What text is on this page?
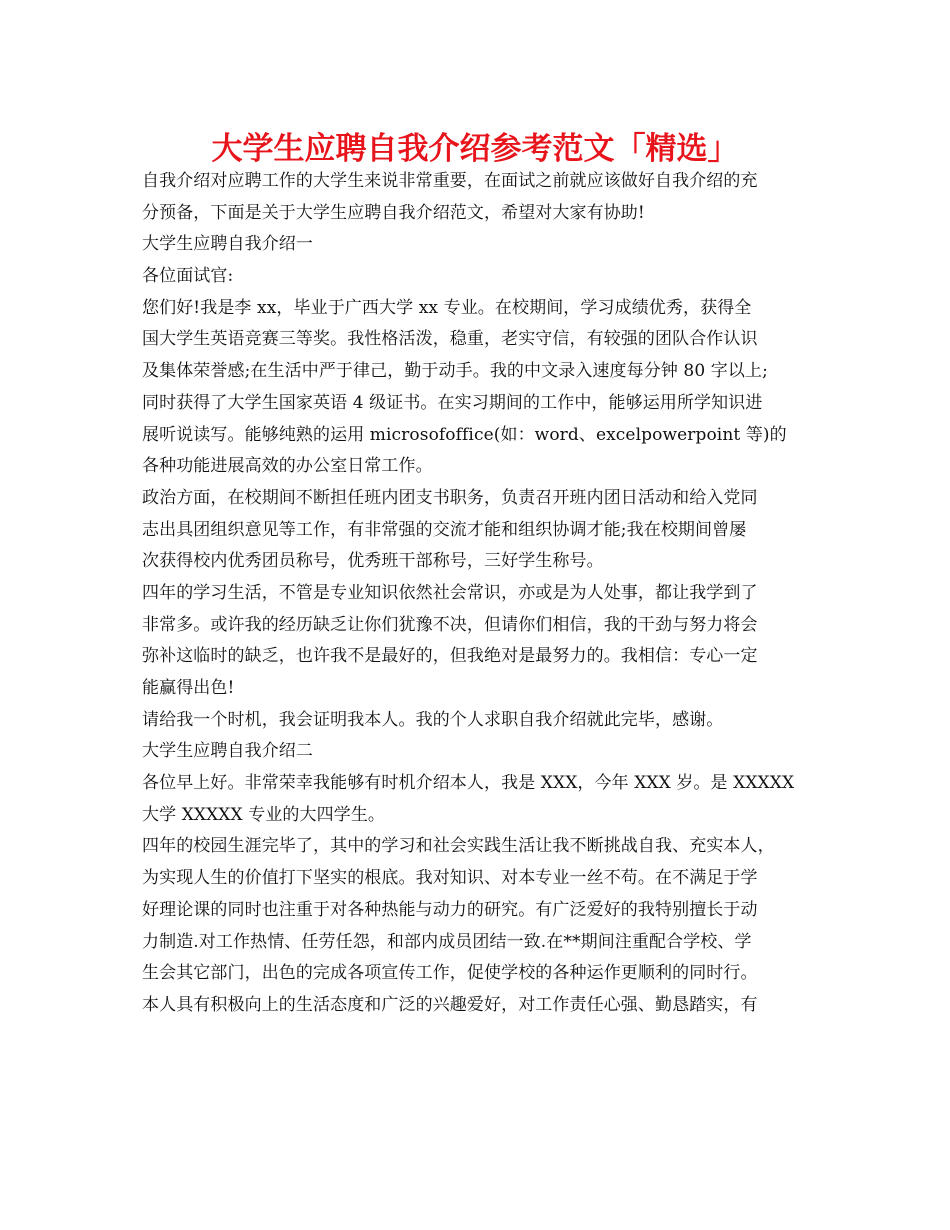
大学生应聘自我介绍参考范文「精选」
自我介绍对应聘工作的大学生来说非常重要，在面试之前就应该做好自我介绍的充
分预备，下面是关于大学生应聘自我介绍范文，希望对大家有协助!
大学生应聘自我介绍一
各位面试官:
您们好!我是李 xx，毕业于广西大学 xx 专业。在校期间，学习成绩优秀，获得全
国大学生英语竞赛三等奖。我性格活泼，稳重，老实守信，有较强的团队合作认识
及集体荣誉感;在生活中严于律己，勤于动手。我的中文录入速度每分钟 80 字以上;
同时获得了大学生国家英语 4 级证书。在实习期间的工作中，能够运用所学知识进
展听说读写。能够纯熟的运用 microsofoffice(如：word、excelpowerpoint 等)的
各种功能进展高效的办公室日常工作。
政治方面，在校期间不断担任班内团支书职务，负责召开班内团日活动和给入党同
志出具团组织意见等工作，有非常强的交流才能和组织协调才能;我在校期间曾屡
次获得校内优秀团员称号，优秀班干部称号，三好学生称号。
四年的学习生活，不管是专业知识依然社会常识，亦或是为人处事，都让我学到了
非常多。或许我的经历缺乏让你们犹豫不决，但请你们相信，我的干劲与努力将会
弥补这临时的缺乏，也许我不是最好的，但我绝对是最努力的。我相信：专心一定
能赢得出色!
请给我一个时机，我会证明我本人。我的个人求职自我介绍就此完毕，感谢。
大学生应聘自我介绍二
各位早上好。非常荣幸我能够有时机介绍本人，我是 XXX，今年 XXX 岁。是 XXXXX
大学 XXXXX 专业的大四学生。
四年的校园生涯完毕了，其中的学习和社会实践生活让我不断挑战自我、充实本人，
为实现人生的价值打下坚实的根底。我对知识、对本专业一丝不苟。在不满足于学
好理论课的同时也注重于对各种热能与动力的研究。有广泛爱好的我特别擅长于动
力制造.对工作热情、任劳任怨，和部内成员团结一致.在**期间注重配合学校、学
生会其它部门，出色的完成各项宣传工作，促使学校的各种运作更顺利的同时行。
本人具有积极向上的生活态度和广泛的兴趣爱好，对工作责任心强、勤恳踏实，有
